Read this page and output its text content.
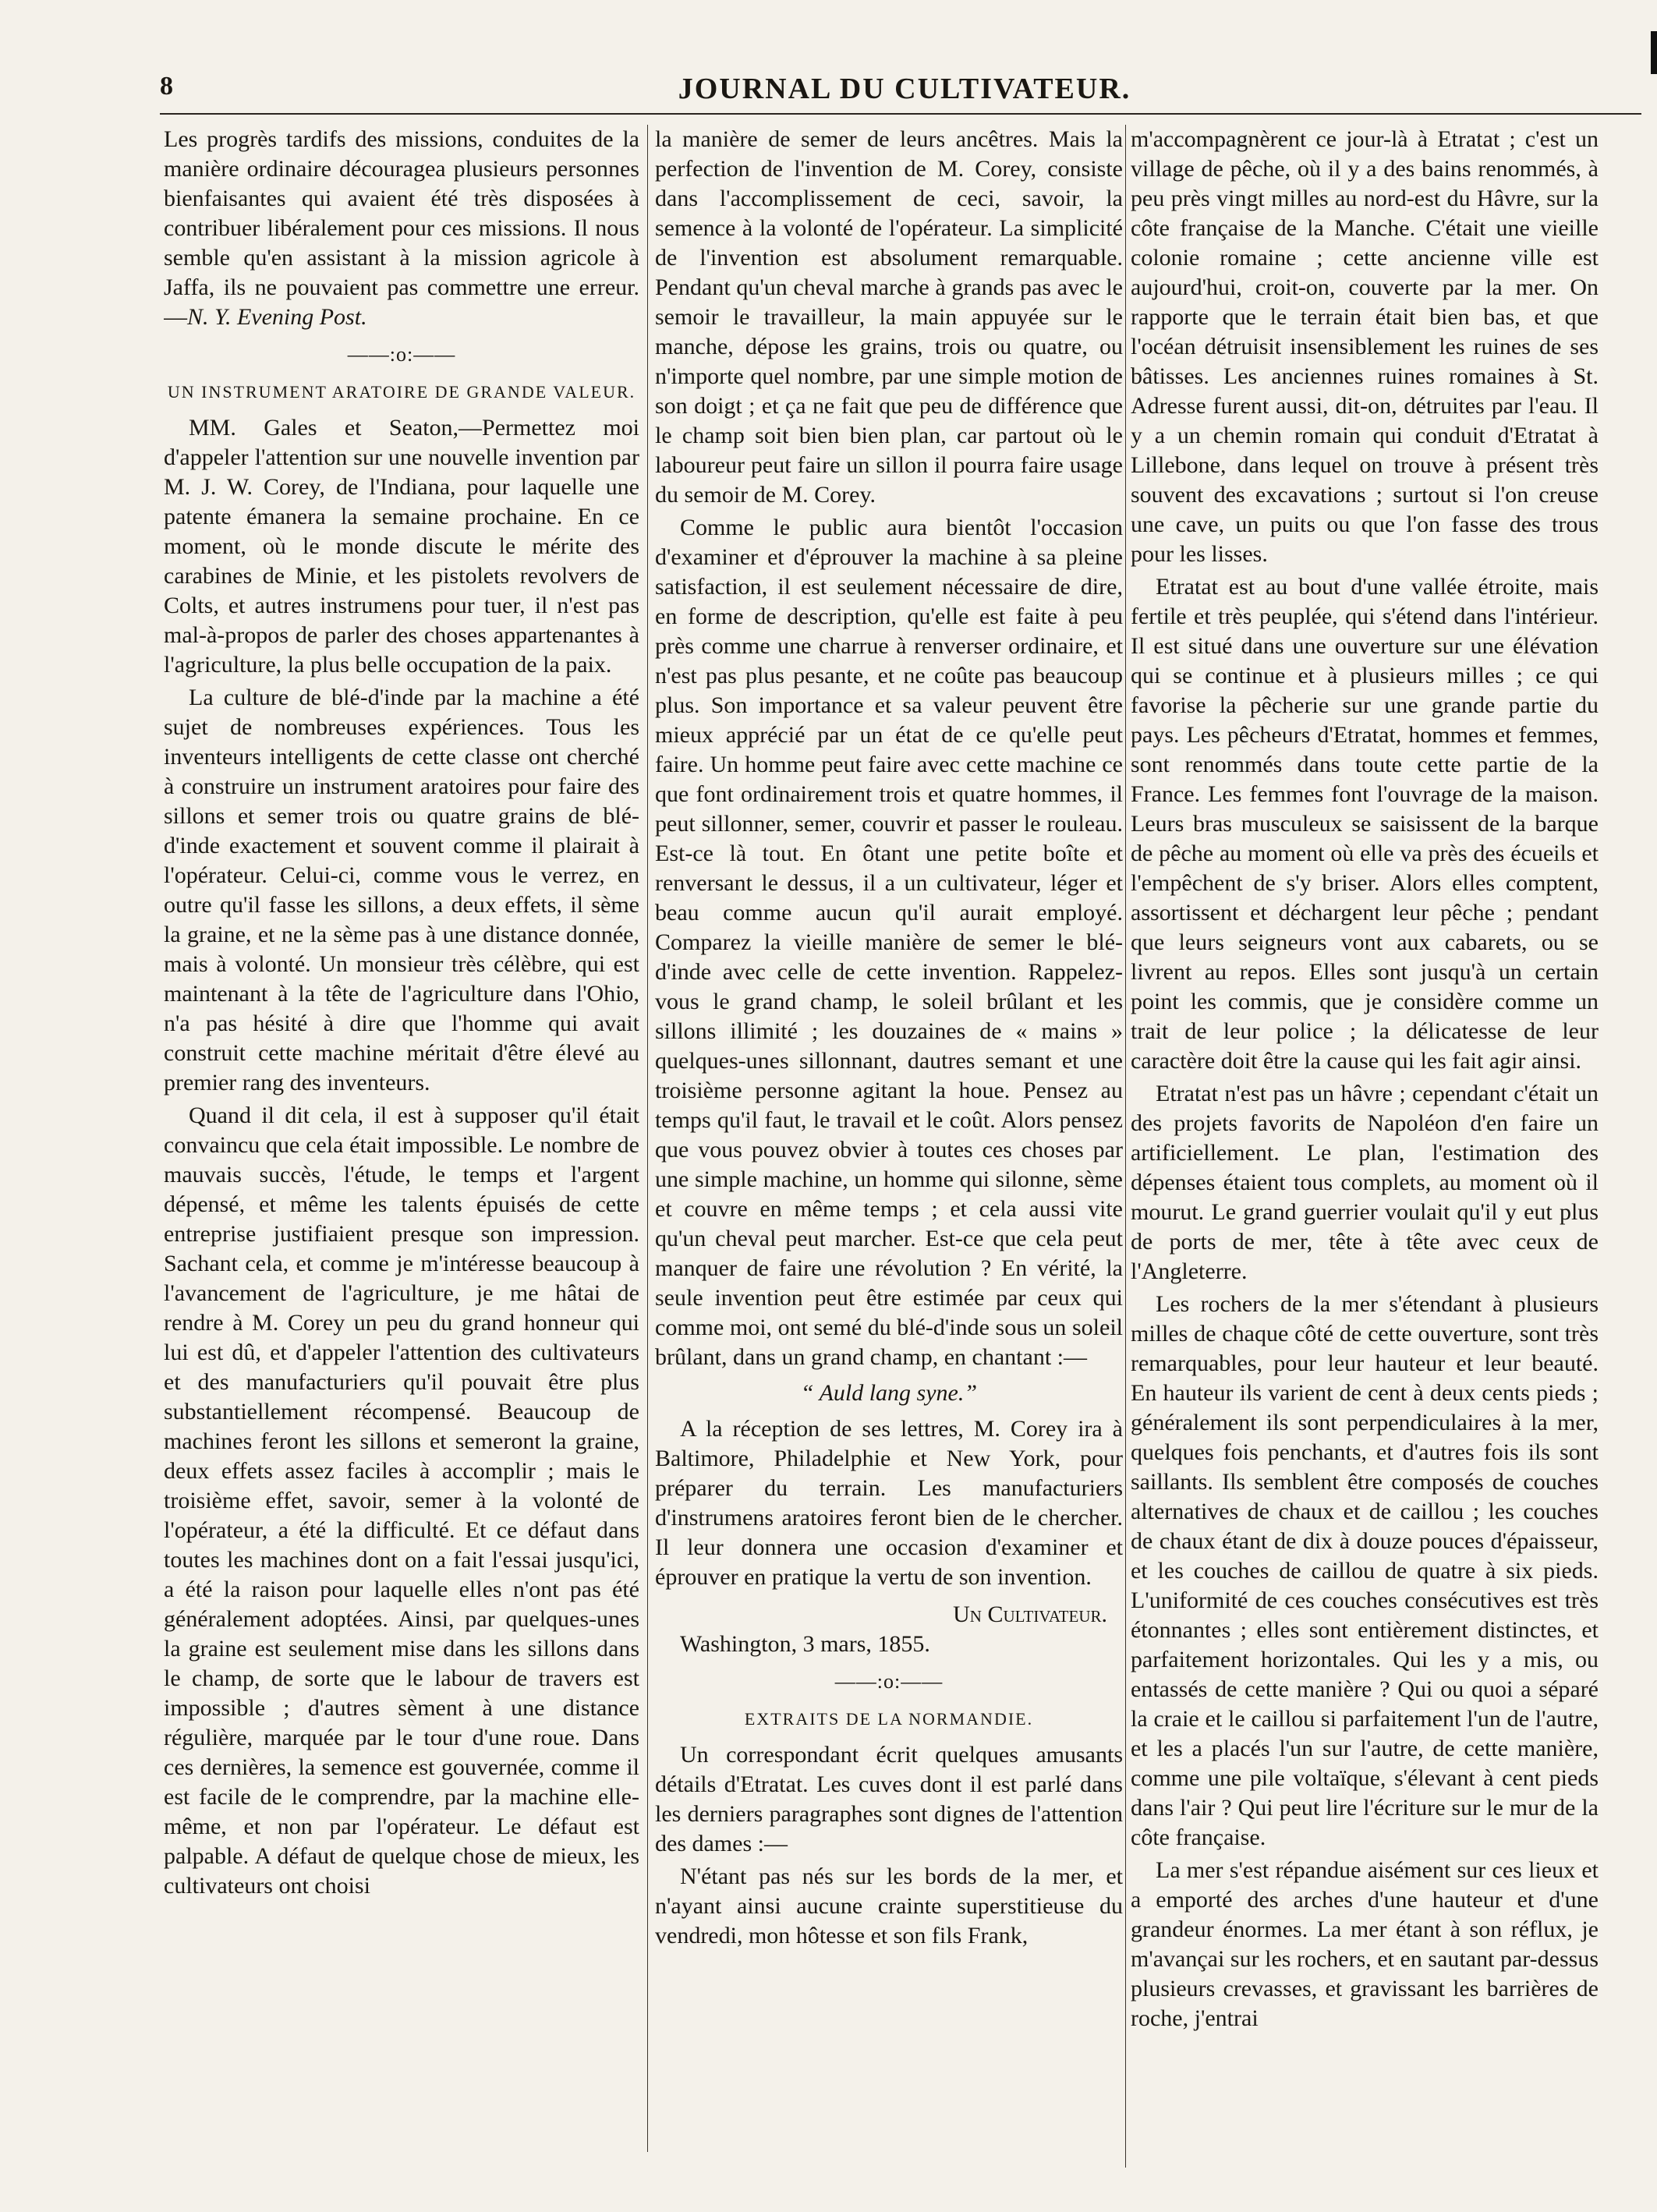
8	JOURNAL DU CULTIVATEUR.

Les progrès tardifs des missions, conduites de la manière ordinaire découragea plusieurs personnes bienfaisantes qui avaient été très disposées à contribuer libéralement pour ces missions. Il nous semble qu'en assistant à la mission agricole à Jaffa, ils ne pouvaient pas commettre une erreur.—N. Y. Evening Post.

——:o:——
UN INSTRUMENT ARATOIRE DE GRANDE VALEUR.

MM. Gales et Seaton,—Permettez moi d'appeler l'attention sur une nouvelle invention par M. J. W. Corey, de l'Indiana, pour laquelle une patente émanera la semaine prochaine. En ce moment, où le monde discute le mérite des carabines de Minie, et les pistolets revolvers de Colts, et autres instrumens pour tuer, il n'est pas mal-à-propos de parler des choses appartenantes à l'agriculture, la plus belle occupation de la paix.

La culture de blé-d'inde par la machine a été sujet de nombreuses expériences. Tous les inventeurs intelligents de cette classe ont cherché à construire un instrument aratoires pour faire des sillons et semer trois ou quatre grains de blé-d'inde exactement et souvent comme il plairait à l'opérateur. Celui-ci, comme vous le verrez, en outre qu'il fasse les sillons, a deux effets, il sème la graine, et ne la sème pas à une distance donnée, mais à volonté. Un monsieur très célèbre, qui est maintenant à la tête de l'agriculture dans l'Ohio, n'a pas hésité à dire que l'homme qui avait construit cette machine méritait d'être élevé au premier rang des inventeurs.

Quand il dit cela, il est à supposer qu'il était convaincu que cela était impossible. Le nombre de mauvais succès, l'étude, le temps et l'argent dépensé, et même les talents épuisés de cette entreprise justifiaient presque son impression. Sachant cela, et comme je m'intéresse beaucoup à l'avancement de l'agriculture, je me hâtai de rendre à M. Corey un peu du grand honneur qui lui est dû, et d'appeler l'attention des cultivateurs et des manufacturiers qu'il pouvait être plus substantiellement récompensé. Beaucoup de machines feront les sillons et semeront la graine, deux effets assez faciles à accomplir ; mais le troisième effet, savoir, semer à la volonté de l'opérateur, a été la difficulté. Et ce défaut dans toutes les machines dont on a fait l'essai jusqu'ici, a été la raison pour laquelle elles n'ont pas été généralement adoptées. Ainsi, par quelques-unes la graine est seulement mise dans les sillons dans le champ, de sorte que le labour de travers est impossible ; d'autres sèment à une distance régulière, marquée par le tour d'une roue. Dans ces dernières, la semence est gouvernée, comme il est facile de le comprendre, par la machine elle-même, et non par l'opérateur. Le défaut est palpable. A défaut de quelque chose de mieux, les cultivateurs ont choisi

la manière de semer de leurs ancêtres. Mais la perfection de l'invention de M. Corey, consiste dans l'accomplissement de ceci, savoir, la semence à la volonté de l'opérateur. La simplicité de l'invention est absolument remarquable. Pendant qu'un cheval marche à grands pas avec le semoir le travailleur, la main appuyée sur le manche, dépose les grains, trois ou quatre, ou n'importe quel nombre, par une simple motion de son doigt ; et ça ne fait que peu de différence que le champ soit bien bien plan, car partout où le laboureur peut faire un sillon il pourra faire usage du semoir de M. Corey.

Comme le public aura bientôt l'occasion d'examiner et d'éprouver la machine à sa pleine satisfaction, il est seulement nécessaire de dire, en forme de description, qu'elle est faite à peu près comme une charrue à renverser ordinaire, et n'est pas plus pesante, et ne coûte pas beaucoup plus. Son importance et sa valeur peuvent être mieux apprécié par un état de ce qu'elle peut faire. Un homme peut faire avec cette machine ce que font ordinairement trois et quatre hommes, il peut sillonner, semer, couvrir et passer le rouleau. Est-ce là tout. En ôtant une petite boîte et renversant le dessus, il a un cultivateur, léger et beau comme aucun qu'il aurait employé. Comparez la vieille manière de semer le blé-d'inde avec celle de cette invention. Rappelez-vous le grand champ, le soleil brûlant et les sillons illimité ; les douzaines de « mains » quelques-unes sillonnant, dautres semant et une troisième personne agitant la houe. Pensez au temps qu'il faut, le travail et le coût. Alors pensez que vous pouvez obvier à toutes ces choses par une simple machine, un homme qui silonne, sème et couvre en même temps ; et cela aussi vite qu'un cheval peut marcher. Est-ce que cela peut manquer de faire une révolution ? En vérité, la seule invention peut être estimée par ceux qui comme moi, ont semé du blé-d'inde sous un soleil brûlant, dans un grand champ, en chantant :—

“ Auld lang syne.”

A la réception de ses lettres, M. Corey ira à Baltimore, Philadelphie et New York, pour préparer du terrain. Les manufacturiers d'instrumens aratoires feront bien de le chercher. Il leur donnera une occasion d'examiner et éprouver en pratique la vertu de son invention.

Un Cultivateur.

Washington, 3 mars, 1855.

——:o:——
EXTRAITS DE LA NORMANDIE.

Un correspondant écrit quelques amusants détails d'Etratat. Les cuves dont il est parlé dans les derniers paragraphes sont dignes de l'attention des dames :—

N'étant pas nés sur les bords de la mer, et n'ayant ainsi aucune crainte superstitieuse du vendredi, mon hôtesse et son fils Frank,

m'accompagnèrent ce jour-là à Etratat ; c'est un village de pêche, où il y a des bains renommés, à peu près vingt milles au nord-est du Hâvre, sur la côte française de la Manche. C'était une vieille colonie romaine ; cette ancienne ville est aujourd'hui, croit-on, couverte par la mer. On rapporte que le terrain était bien bas, et que l'océan détruisit insensiblement les ruines de ses bâtisses. Les anciennes ruines romaines à St. Adresse furent aussi, dit-on, détruites par l'eau. Il y a un chemin romain qui conduit d'Etratat à Lillebone, dans lequel on trouve à présent très souvent des excavations ; surtout si l'on creuse une cave, un puits ou que l'on fasse des trous pour les lisses.

Etratat est au bout d'une vallée étroite, mais fertile et très peuplée, qui s'étend dans l'intérieur. Il est situé dans une ouverture sur une élévation qui se continue et à plusieurs milles ; ce qui favorise la pêcherie sur une grande partie du pays. Les pêcheurs d'Etratat, hommes et femmes, sont renommés dans toute cette partie de la France. Les femmes font l'ouvrage de la maison. Leurs bras musculeux se saisissent de la barque de pêche au moment où elle va près des écueils et l'empêchent de s'y briser. Alors elles comptent, assortissent et déchargent leur pêche ; pendant que leurs seigneurs vont aux cabarets, ou se livrent au repos. Elles sont jusqu'à un certain point les commis, que je considère comme un trait de leur police ; la délicatesse de leur caractère doit être la cause qui les fait agir ainsi.

Etratat n'est pas un hâvre ; cependant c'était un des projets favorits de Napoléon d'en faire un artificiellement. Le plan, l'estimation des dépenses étaient tous complets, au moment où il mourut. Le grand guerrier voulait qu'il y eut plus de ports de mer, tête à tête avec ceux de l'Angleterre.

Les rochers de la mer s'étendant à plusieurs milles de chaque côté de cette ouverture, sont très remarquables, pour leur hauteur et leur beauté. En hauteur ils varient de cent à deux cents pieds ; généralement ils sont perpendiculaires à la mer, quelques fois penchants, et d'autres fois ils sont saillants. Ils semblent être composés de couches alternatives de chaux et de caillou ; les couches de chaux étant de dix à douze pouces d'épaisseur, et les couches de caillou de quatre à six pieds. L'uniformité de ces couches consécutives est très étonnantes ; elles sont entièrement distinctes, et parfaitement horizontales. Qui les y a mis, ou entassés de cette manière ? Qui ou quoi a séparé la craie et le caillou si parfaitement l'un de l'autre, et les a placés l'un sur l'autre, de cette manière, comme une pile voltaïque, s'élevant à cent pieds dans l'air ? Qui peut lire l'écriture sur le mur de la côte française.

La mer s'est répandue aisément sur ces lieux et a emporté des arches d'une hauteur et d'une grandeur énormes. La mer étant à son réflux, je m'avançai sur les rochers, et en sautant par-dessus plusieurs crevasses, et gravissant les barrières de roche, j'entrai
